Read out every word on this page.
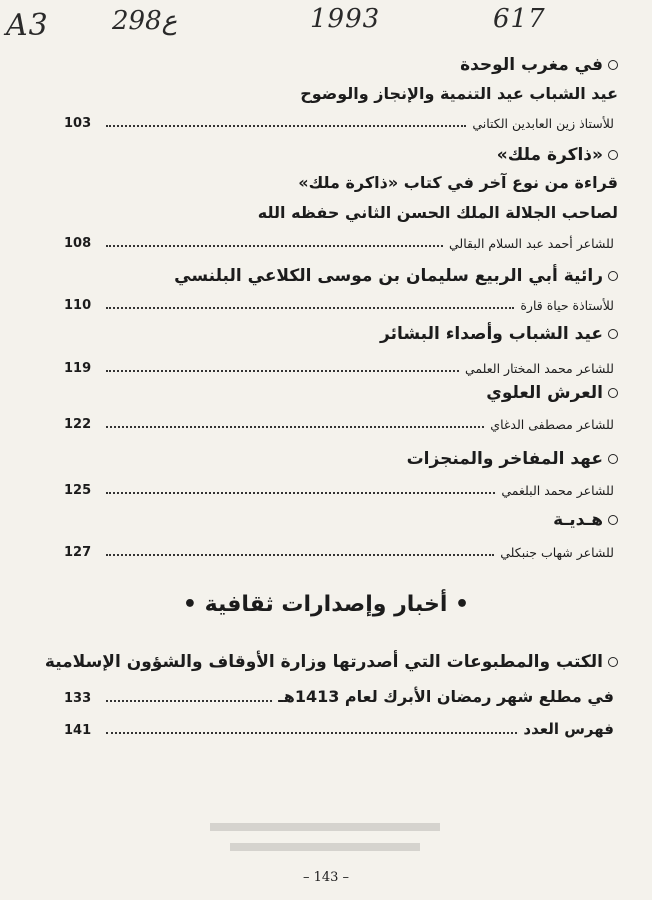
A3 298ع	1993	617
في مغرب الوحدة
عيد الشباب عيد التنمية والإنجاز والوضوح
103	للأستاذ زين العابدين الكتاني
«ذاكرة ملك»
قراءة من نوع آخر في كتاب «ذاكرة ملك»
لصاحب الجلالة الملك الحسن الثاني حفظه الله
108	للشاعر أحمد عبد السلام البقالي
رائية أبي الربيع سليمان بن موسى الكلاعي البلنسي
110	للأستاذة حياة قارة
عيد الشباب وأصداء البشائر
119	للشاعر محمد المختار العلمي
العرش العلوي
122	للشاعر مصطفى الدغاي
عهد المفاخر والمنجزات
125	للشاعر محمد البلغمي
هـديـة
127	للشاعر شهاب جنبكلي
• أخبار وإصدارات ثقافية •
الكتب والمطبوعات التي أصدرتها وزارة الأوقاف والشؤون الإسلامية
133	في مطلع شهر رمضان الأبرك لعام 1413هـ
141	فهرس العدد
– 143 –
